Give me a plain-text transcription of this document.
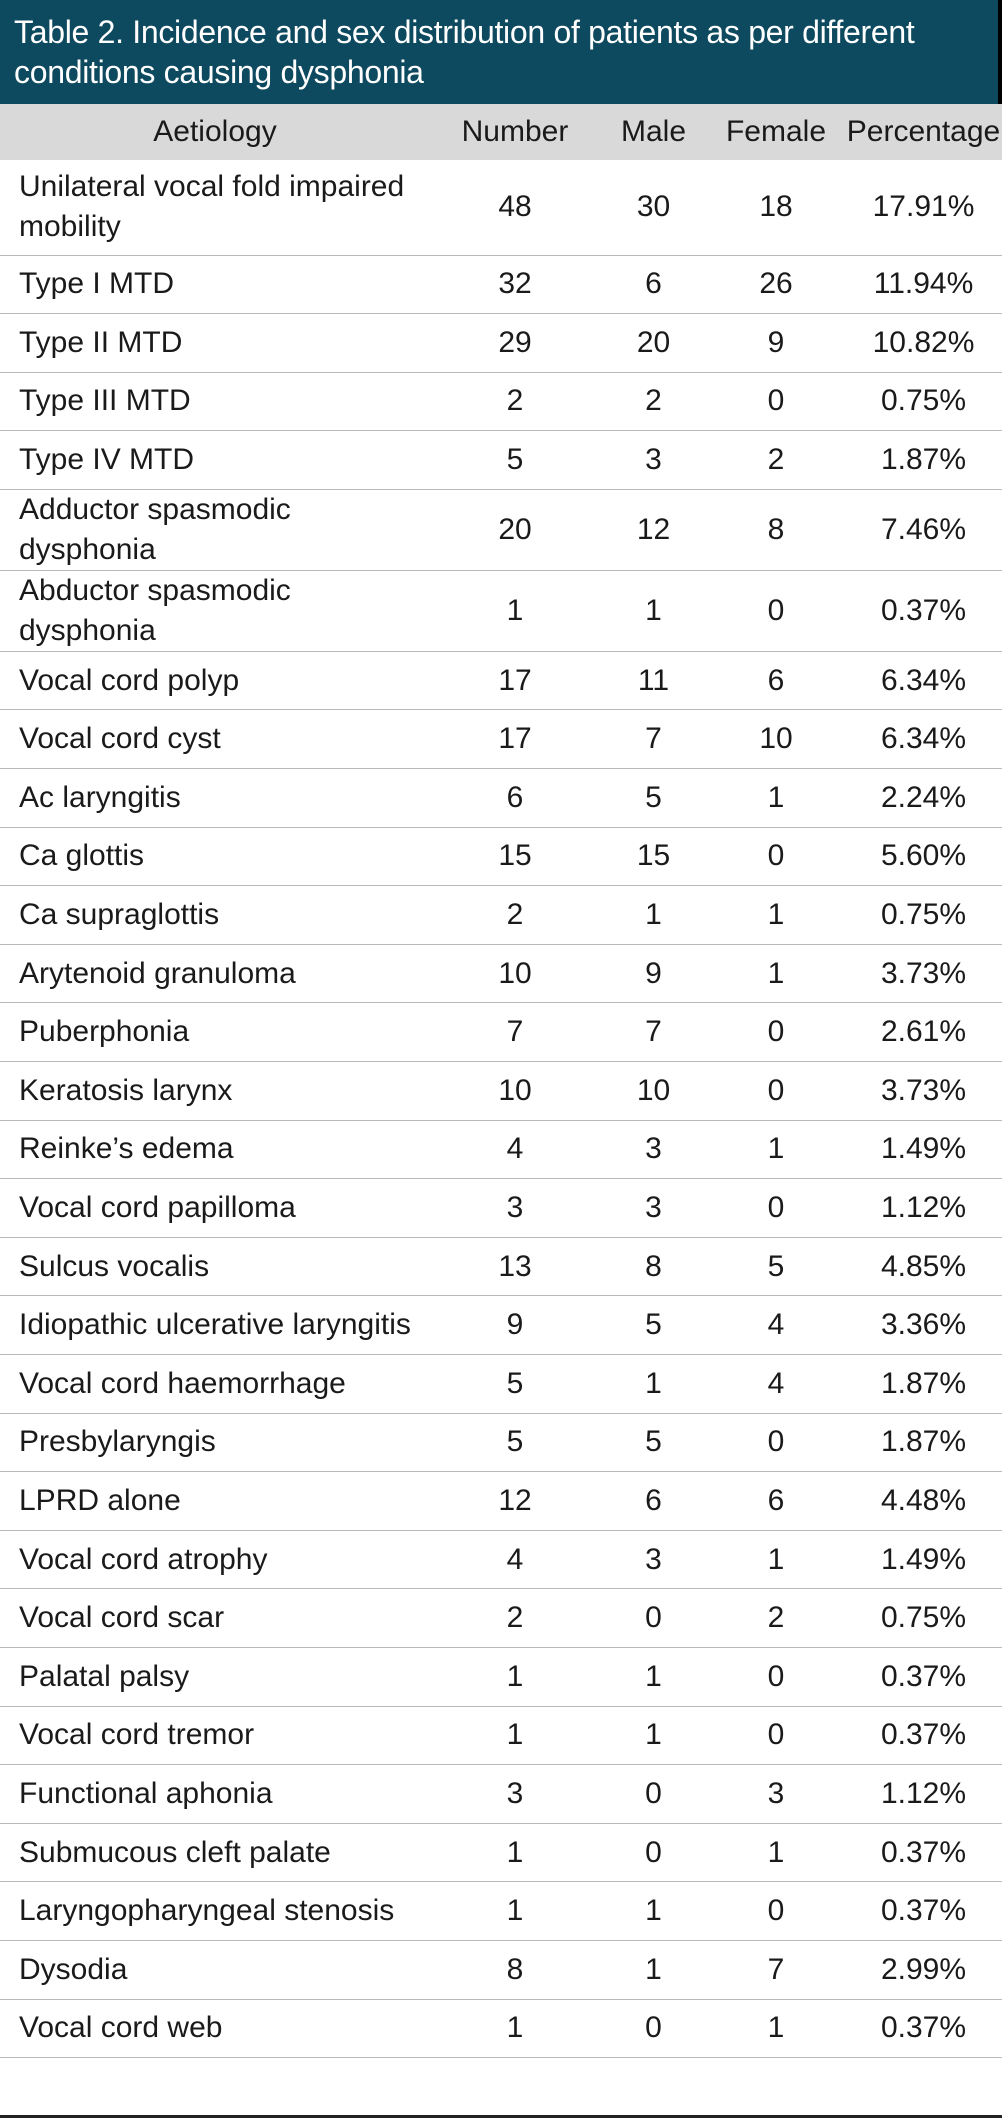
Table 2. Incidence and sex distribution of patients as per different conditions causing dysphonia
Aetiology	Number	Male	Female	Percentage
Unilateral vocal fold impaired mobility	48	30	18	17.91%
Type I MTD	32	6	26	11.94%
Type II MTD	29	20	9	10.82%
Type III MTD	2	2	0	0.75%
Type IV MTD	5	3	2	1.87%
Adductor spasmodic dysphonia	20	12	8	7.46%
Abductor spasmodic dysphonia	1	1	0	0.37%
Vocal cord polyp	17	11	6	6.34%
Vocal cord cyst	17	7	10	6.34%
Ac laryngitis	6	5	1	2.24%
Ca glottis	15	15	0	5.60%
Ca supraglottis	2	1	1	0.75%
Arytenoid granuloma	10	9	1	3.73%
Puberphonia	7	7	0	2.61%
Keratosis larynx	10	10	0	3.73%
Reinke’s edema	4	3	1	1.49%
Vocal cord papilloma	3	3	0	1.12%
Sulcus vocalis	13	8	5	4.85%
Idiopathic ulcerative laryngitis	9	5	4	3.36%
Vocal cord haemorrhage	5	1	4	1.87%
Presbylaryngis	5	5	0	1.87%
LPRD alone	12	6	6	4.48%
Vocal cord atrophy	4	3	1	1.49%
Vocal cord scar	2	0	2	0.75%
Palatal palsy	1	1	0	0.37%
Vocal cord tremor	1	1	0	0.37%
Functional aphonia	3	0	3	1.12%
Submucous cleft palate	1	0	1	0.37%
Laryngopharyngeal stenosis	1	1	0	0.37%
Dysodia	8	1	7	2.99%
Vocal cord web	1	0	1	0.37%
